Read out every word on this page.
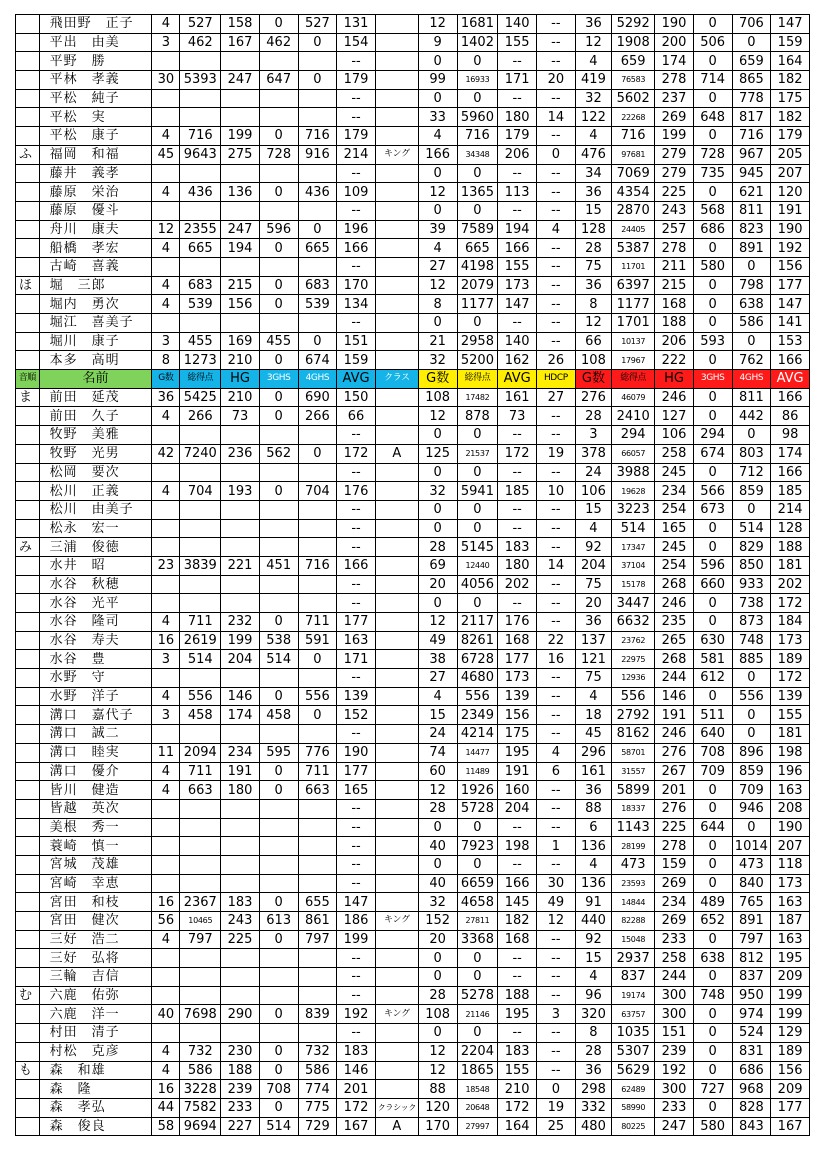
	飛田野　正子	4	527	158	0	527	131		12	1681	140	--	36	5292	190	0	706	147
	平出　由美	3	462	167	462	0	154		9	1402	155	--	12	1908	200	506	0	159
	平野　勝						--		0	0	--	--	4	659	174	0	659	164
	平林　孝義	30	5393	247	647	0	179		99	16933	171	20	419	76583	278	714	865	182
	平松　純子						--		0	0	--	--	32	5602	237	0	778	175
	平松　実						--		33	5960	180	14	122	22268	269	648	817	182
	平松　康子	4	716	199	0	716	179		4	716	179	--	4	716	199	0	716	179
ふ	福岡　和福	45	9643	275	728	916	214	キング	166	34348	206	0	476	97681	279	728	967	205
	藤井　義孝						--		0	0	--	--	34	7069	279	735	945	207
	藤原　栄治	4	436	136	0	436	109		12	1365	113	--	36	4354	225	0	621	120
	藤原　優斗						--		0	0	--	--	15	2870	243	568	811	191
	舟川　康夫	12	2355	247	596	0	196		39	7589	194	4	128	24405	257	686	823	190
	船橋　孝宏	4	665	194	0	665	166		4	665	166	--	28	5387	278	0	891	192
	古崎　喜義						--		27	4198	155	--	75	11701	211	580	0	156
ほ	堀　三郎	4	683	215	0	683	170		12	2079	173	--	36	6397	215	0	798	177
	堀内　勇次	4	539	156	0	539	134		8	1177	147	--	8	1177	168	0	638	147
	堀江　喜美子						--		0	0	--	--	12	1701	188	0	586	141
	堀川　康子	3	455	169	455	0	151		21	2958	140	--	66	10137	206	593	0	153
	本多　高明	8	1273	210	0	674	159		32	5200	162	26	108	17967	222	0	762	166
音順	名前	G数	総得点	HG	3GHS	4GHS	AVG	クラス	G数	総得点	AVG	HDCP	G数	総得点	HG	3GHS	4GHS	AVG
ま	前田　延茂	36	5425	210	0	690	150		108	17482	161	27	276	46079	246	0	811	166
	前田　久子	4	266	73	0	266	66		12	878	73	--	28	2410	127	0	442	86
	牧野　美雅						--		0	0	--	--	3	294	106	294	0	98
	牧野　光男	42	7240	236	562	0	172	A	125	21537	172	19	378	66057	258	674	803	174
	松岡　要次						--		0	0	--	--	24	3988	245	0	712	166
	松川　正義	4	704	193	0	704	176		32	5941	185	10	106	19628	234	566	859	185
	松川　由美子						--		0	0	--	--	15	3223	254	673	0	214
	松永　宏一						--		0	0	--	--	4	514	165	0	514	128
み	三浦　俊徳						--		28	5145	183	--	92	17347	245	0	829	188
	水井　昭	23	3839	221	451	716	166		69	12440	180	14	204	37104	254	596	850	181
	水谷　秋穂						--		20	4056	202	--	75	15178	268	660	933	202
	水谷　光平						--		0	0	--	--	20	3447	246	0	738	172
	水谷　隆司	4	711	232	0	711	177		12	2117	176	--	36	6632	235	0	873	184
	水谷　寿夫	16	2619	199	538	591	163		49	8261	168	22	137	23762	265	630	748	173
	水谷　豊	3	514	204	514	0	171		38	6728	177	16	121	22975	268	581	885	189
	水野　守						--		27	4680	173	--	75	12936	244	612	0	172
	水野　洋子	4	556	146	0	556	139		4	556	139	--	4	556	146	0	556	139
	溝口　嘉代子	3	458	174	458	0	152		15	2349	156	--	18	2792	191	511	0	155
	溝口　誠二						--		24	4214	175	--	45	8162	246	640	0	181
	溝口　睦実	11	2094	234	595	776	190		74	14477	195	4	296	58701	276	708	896	198
	溝口　優介	4	711	191	0	711	177		60	11489	191	6	161	31557	267	709	859	196
	皆川　健造	4	663	180	0	663	165		12	1926	160	--	36	5899	201	0	709	163
	皆越　英次						--		28	5728	204	--	88	18337	276	0	946	208
	美根　秀一						--		0	0	--	--	6	1143	225	644	0	190
	蓑崎　慎一						--		40	7923	198	1	136	28199	278	0	1014	207
	宮城　茂雄						--		0	0	--	--	4	473	159	0	473	118
	宮崎　幸恵						--		40	6659	166	30	136	23593	269	0	840	173
	宮田　和枝	16	2367	183	0	655	147		32	4658	145	49	91	14844	234	489	765	163
	宮田　健次	56	10465	243	613	861	186	キング	152	27811	182	12	440	82288	269	652	891	187
	三好　浩二	4	797	225	0	797	199		20	3368	168	--	92	15048	233	0	797	163
	三好　弘将						--		0	0	--	--	15	2937	258	638	812	195
	三輪　吉信						--		0	0	--	--	4	837	244	0	837	209
む	六鹿　佑弥						--		28	5278	188	--	96	19174	300	748	950	199
	六鹿　洋一	40	7698	290	0	839	192	キング	108	21146	195	3	320	63757	300	0	974	199
	村田　清子						--		0	0	--	--	8	1035	151	0	524	129
	村松　克彦	4	732	230	0	732	183		12	2204	183	--	28	5307	239	0	831	189
も	森　和雄	4	586	188	0	586	146		12	1865	155	--	36	5629	192	0	686	156
	森　隆	16	3228	239	708	774	201		88	18548	210	0	298	62489	300	727	968	209
	森　孝弘	44	7582	233	0	775	172	クラシック	120	20648	172	19	332	58990	233	0	828	177
	森　俊良	58	9694	227	514	729	167	A	170	27997	164	25	480	80225	247	580	843	167
